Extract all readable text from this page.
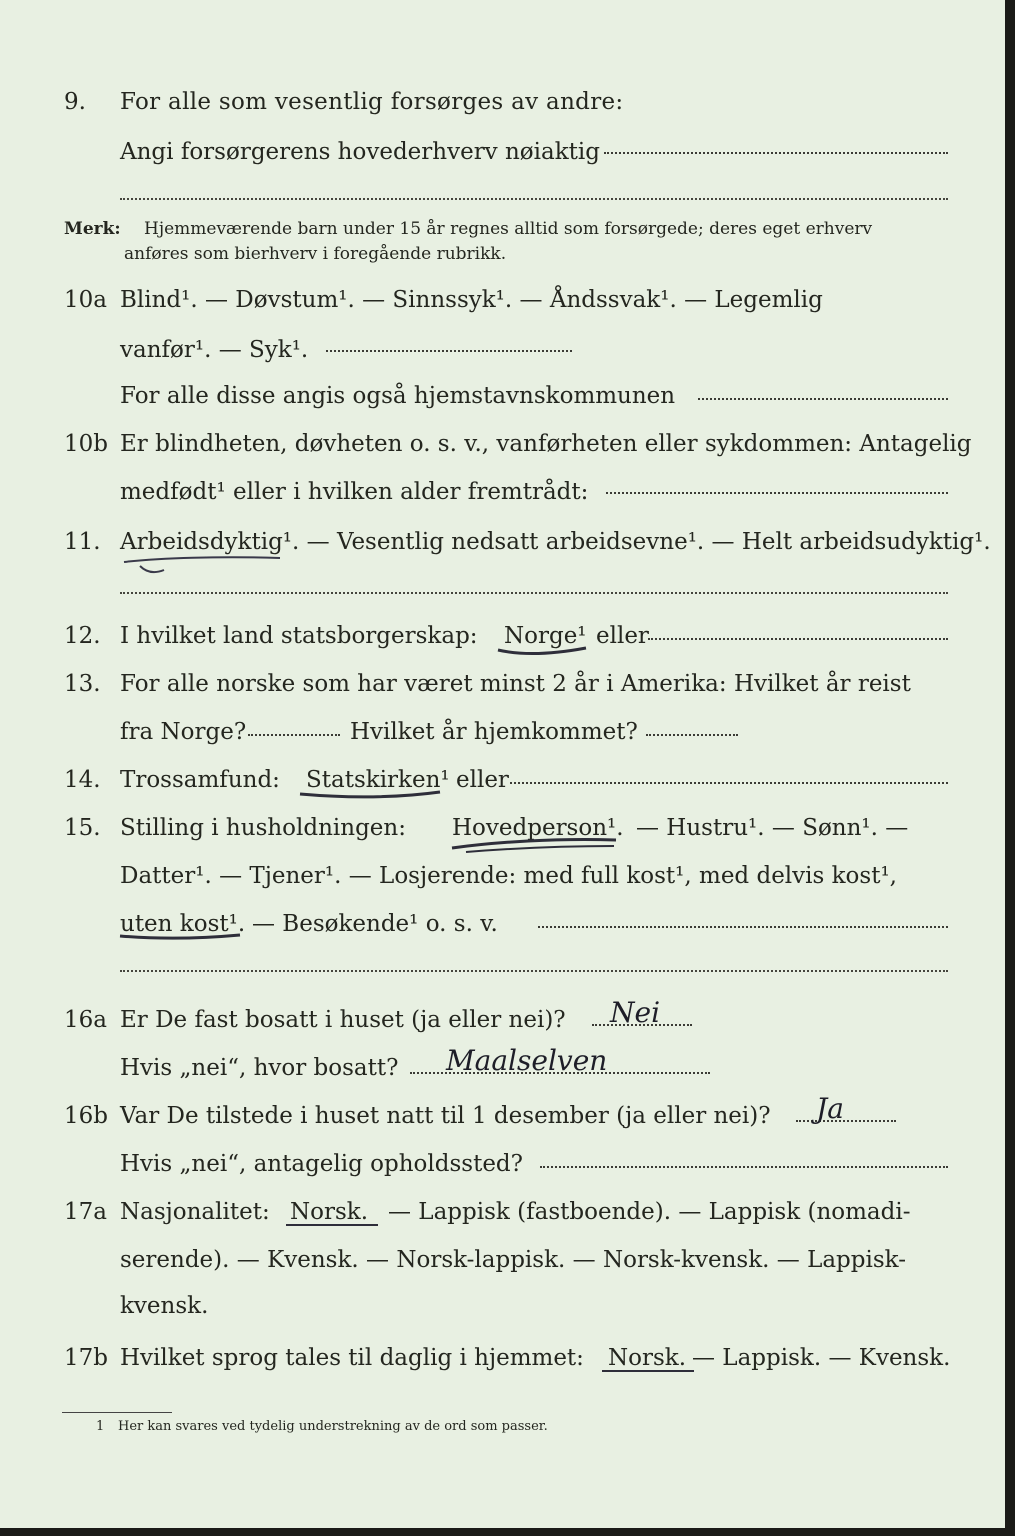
9. For alle som vesentlig forsørges av andre:
Angi forsørgerens hovederhverv nøiaktig
Merk: Hjemmeværende barn under 15 år regnes alltid som forsørgede; deres eget erhverv
anføres som bierhverv i foregående rubrikk.
10a Blind¹. — Døvstum¹. — Sinnssyk¹. — Åndssvak¹. — Legemlig
vanfør¹. — Syk¹.
For alle disse angis også hjemstavnskommunen
10b Er blindheten, døvheten o. s. v., vanførheten eller sykdommen: Antagelig
medfødt¹ eller i hvilken alder fremtrådt:
11. Arbeidsdyktig¹. — Vesentlig nedsatt arbeidsevne¹. — Helt arbeidsudyktig¹.
12. I hvilket land statsborgerskap: Norge¹ eller
13. For alle norske som har været minst 2 år i Amerika: Hvilket år reist
fra Norge?	Hvilket år hjemkommet?
14. Trossamfund: Statskirken¹ eller
15. Stilling i husholdningen: Hovedperson¹. — Hustru¹. — Sønn¹. —
Datter¹. — Tjener¹. — Losjerende: med full kost¹, med delvis kost¹,
uten kost¹. — Besøkende¹ o. s. v.
16a Er De fast bosatt i huset (ja eller nei)? Nei
Hvis „nei“, hvor bosatt? Maalselven
16b Var De tilstede i huset natt til 1 desember (ja eller nei)? Ja
Hvis „nei“, antagelig opholdssted?
17a Nasjonalitet: Norsk. — Lappisk (fastboende). — Lappisk (nomadi-
serende). — Kvensk. — Norsk-lappisk. — Norsk-kvensk. — Lappisk-
kvensk.
17b Hvilket sprog tales til daglig i hjemmet: Norsk. — Lappisk. — Kvensk.
1 Her kan svares ved tydelig understrekning av de ord som passer.
